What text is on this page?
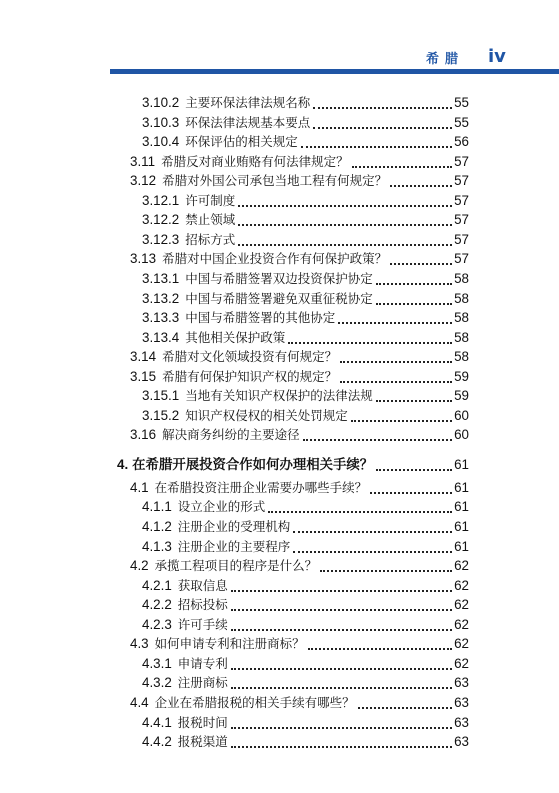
希腊 iv
3.10.2 主要环保法律法规名称	55
3.10.3 环保法律法规基本要点	55
3.10.4 环保评估的相关规定	56
3.11 希腊反对商业贿赂有何法律规定？	57
3.12 希腊对外国公司承包当地工程有何规定？	57
3.12.1 许可制度	57
3.12.2 禁止领域	57
3.12.3 招标方式	57
3.13 希腊对中国企业投资合作有何保护政策？	57
3.13.1 中国与希腊签署双边投资保护协定	58
3.13.2 中国与希腊签署避免双重征税协定	58
3.13.3 中国与希腊签署的其他协定	58
3.13.4 其他相关保护政策	58
3.14 希腊对文化领域投资有何规定？	58
3.15 希腊有何保护知识产权的规定？	59
3.15.1 当地有关知识产权保护的法律法规	59
3.15.2 知识产权侵权的相关处罚规定	60
3.16 解决商务纠纷的主要途径	60
4. 在希腊开展投资合作如何办理相关手续？	61
4.1 在希腊投资注册企业需要办哪些手续？	61
4.1.1 设立企业的形式	61
4.1.2 注册企业的受理机构	61
4.1.3 注册企业的主要程序	61
4.2 承揽工程项目的程序是什么？	62
4.2.1 获取信息	62
4.2.2 招标投标	62
4.2.3 许可手续	62
4.3 如何申请专利和注册商标？	62
4.3.1 申请专利	62
4.3.2 注册商标	63
4.4 企业在希腊报税的相关手续有哪些？	63
4.4.1 报税时间	63
4.4.2 报税渠道	63
